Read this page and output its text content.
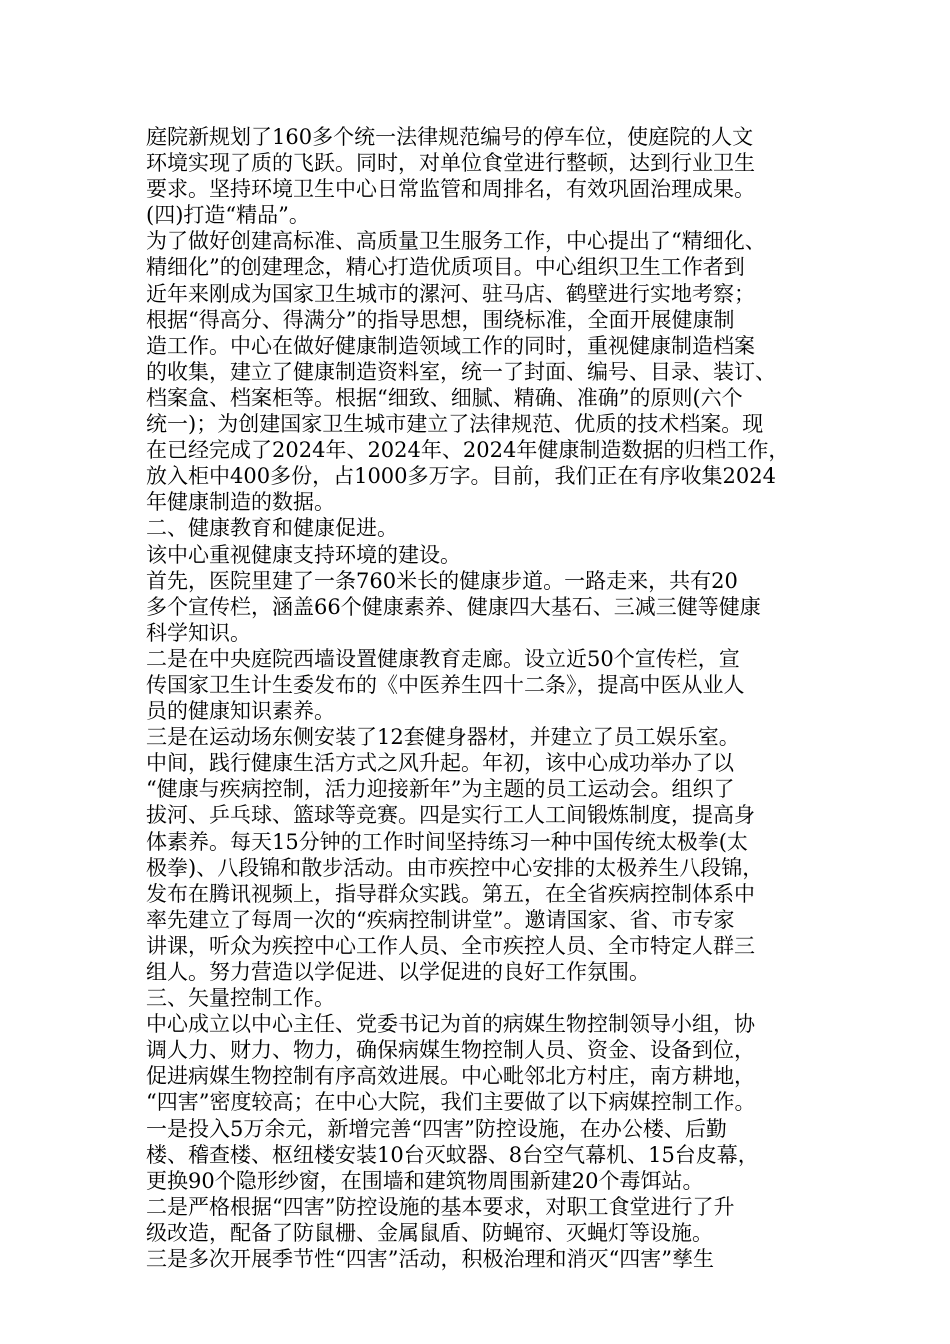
庭院新规划了160多个统一法律规范编号的停车位，使庭院的人文
环境实现了质的飞跃。同时，对单位食堂进行整顿，达到行业卫生
要求。坚持环境卫生中心日常监管和周排名，有效巩固治理成果。
(四)打造“精品”。
为了做好创建高标准、高质量卫生服务工作，中心提出了“精细化、
精细化”的创建理念，精心打造优质项目。中心组织卫生工作者到
近年来刚成为国家卫生城市的漯河、驻马店、鹤壁进行实地考察；
根据“得高分、得满分”的指导思想，围绕标准，全面开展健康制
造工作。中心在做好健康制造领域工作的同时，重视健康制造档案
的收集，建立了健康制造资料室，统一了封面、编号、目录、装订、
档案盒、档案柜等。根据“细致、细腻、精确、准确”的原则(六个
统一)；为创建国家卫生城市建立了法律规范、优质的技术档案。现
在已经完成了2024年、2024年、2024年健康制造数据的归档工作，
放入柜中400多份，占1000多万字。目前，我们正在有序收集2024
年健康制造的数据。
二、健康教育和健康促进。
该中心重视健康支持环境的建设。
首先，医院里建了一条760米长的健康步道。一路走来，共有20
多个宣传栏，涵盖66个健康素养、健康四大基石、三减三健等健康
科学知识。
二是在中央庭院西墙设置健康教育走廊。设立近50个宣传栏，宣
传国家卫生计生委发布的《中医养生四十二条》，提高中医从业人
员的健康知识素养。
三是在运动场东侧安装了12套健身器材，并建立了员工娱乐室。
中间，践行健康生活方式之风升起。年初，该中心成功举办了以
“健康与疾病控制，活力迎接新年”为主题的员工运动会。组织了
拔河、乒乓球、篮球等竞赛。四是实行工人工间锻炼制度，提高身
体素养。每天15分钟的工作时间坚持练习一种中国传统太极拳(太
极拳)、八段锦和散步活动。由市疾控中心安排的太极养生八段锦，
发布在腾讯视频上，指导群众实践。第五，在全省疾病控制体系中
率先建立了每周一次的“疾病控制讲堂”。邀请国家、省、市专家
讲课，听众为疾控中心工作人员、全市疾控人员、全市特定人群三
组人。努力营造以学促进、以学促进的良好工作氛围。
三、矢量控制工作。
中心成立以中心主任、党委书记为首的病媒生物控制领导小组，协
调人力、财力、物力，确保病媒生物控制人员、资金、设备到位，
促进病媒生物控制有序高效进展。中心毗邻北方村庄，南方耕地，
“四害”密度较高；在中心大院，我们主要做了以下病媒控制工作。
一是投入5万余元，新增完善“四害”防控设施，在办公楼、后勤
楼、稽查楼、枢纽楼安装10台灭蚊器、8台空气幕机、15台皮幕，
更换90个隐形纱窗，在围墙和建筑物周围新建20个毒饵站。
二是严格根据“四害”防控设施的基本要求，对职工食堂进行了升
级改造，配备了防鼠栅、金属鼠盾、防蝇帘、灭蝇灯等设施。
三是多次开展季节性“四害”活动，积极治理和消灭“四害”孳生
